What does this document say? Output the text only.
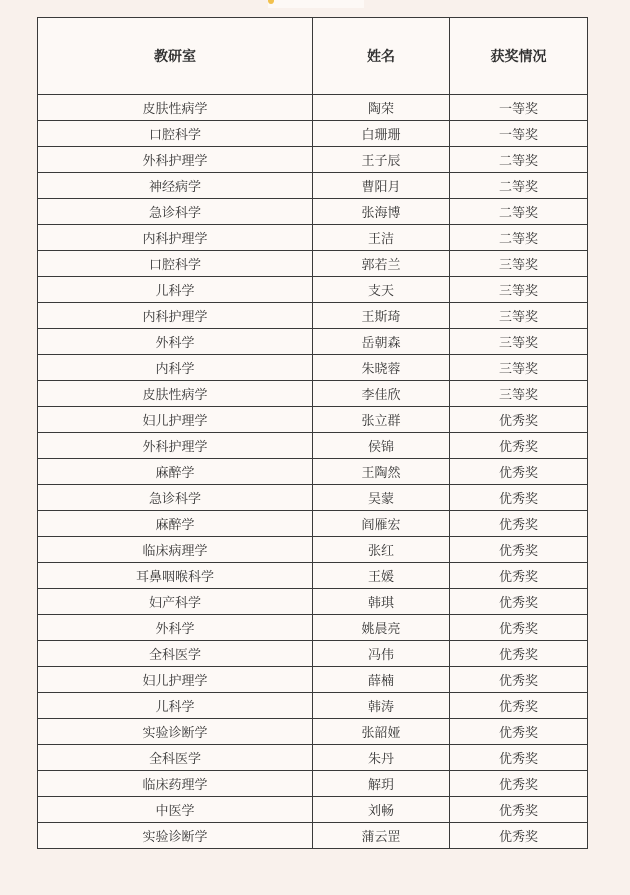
教研室	姓名	获奖情况
皮肤性病学	陶荣	一等奖
口腔科学	白珊珊	一等奖
外科护理学	王子辰	二等奖
神经病学	曹阳月	二等奖
急诊科学	张海博	二等奖
内科护理学	王洁	二等奖
口腔科学	郭若兰	三等奖
儿科学	支天	三等奖
内科护理学	王斯琦	三等奖
外科学	岳朝森	三等奖
内科学	朱晓蓉	三等奖
皮肤性病学	李佳欣	三等奖
妇儿护理学	张立群	优秀奖
外科护理学	侯锦	优秀奖
麻醉学	王陶然	优秀奖
急诊科学	吴蒙	优秀奖
麻醉学	阎雁宏	优秀奖
临床病理学	张红	优秀奖
耳鼻咽喉科学	王媛	优秀奖
妇产科学	韩琪	优秀奖
外科学	姚晨亮	优秀奖
全科医学	冯伟	优秀奖
妇儿护理学	薛楠	优秀奖
儿科学	韩涛	优秀奖
实验诊断学	张韶娅	优秀奖
全科医学	朱丹	优秀奖
临床药理学	解玥	优秀奖
中医学	刘畅	优秀奖
实验诊断学	蒲云罡	优秀奖
